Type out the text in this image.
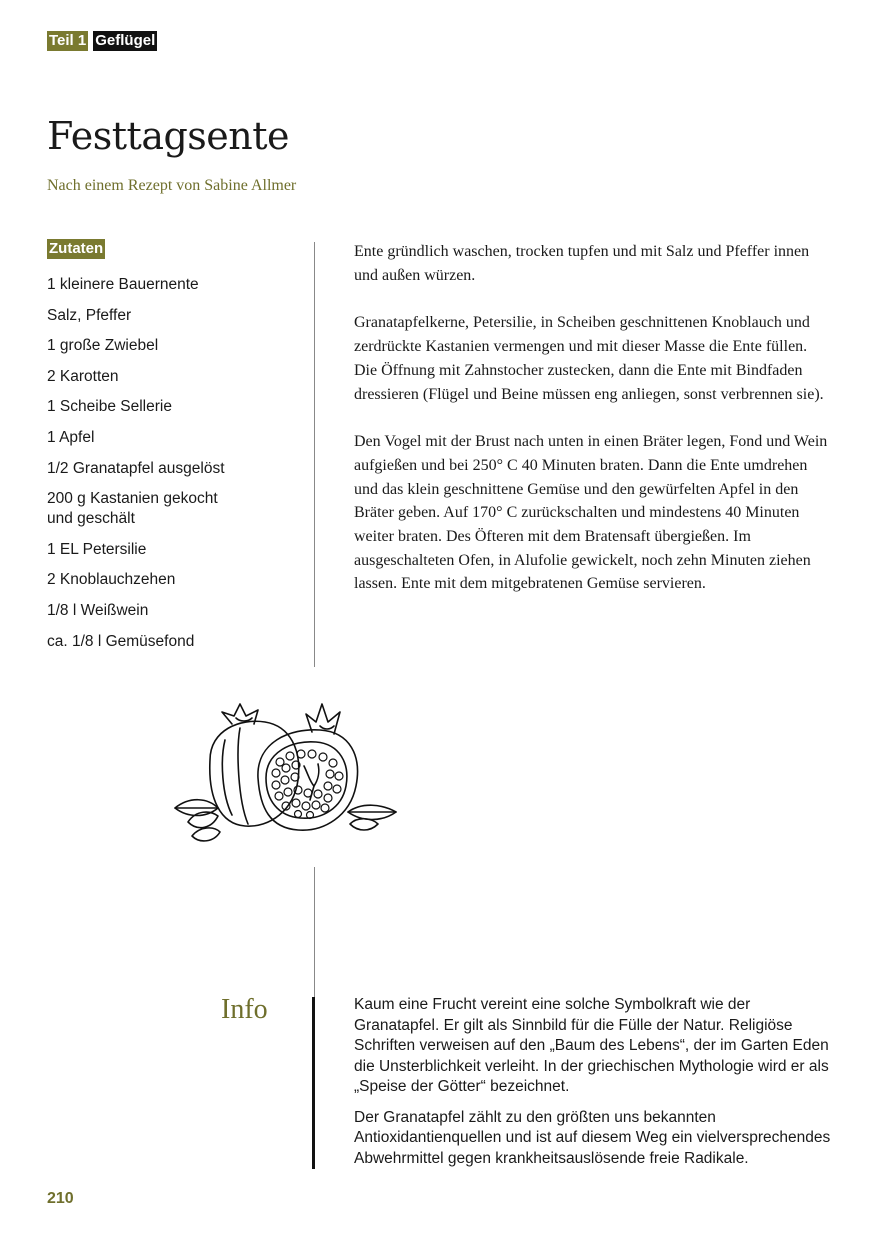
Teil 1 Geflügel
Festtagsente
Nach einem Rezept von Sabine Allmer
Zutaten
1 kleinere Bauernente
Salz, Pfeffer
1 große Zwiebel
2 Karotten
1 Scheibe Sellerie
1 Apfel
1/2 Granatapfel ausgelöst
200 g Kastanien gekocht und geschält
1 EL Petersilie
2 Knoblauchzehen
1/8 l Weißwein
ca. 1/8 l Gemüsefond

Ente gründlich waschen, trocken tupfen und mit Salz und Pfeffer innen und außen würzen.

Granatapfelkerne, Petersilie, in Scheiben geschnittenen Knoblauch und zerdrückte Kastanien vermengen und mit dieser Masse die Ente füllen. Die Öffnung mit Zahnstocher zustecken, dann die Ente mit Bindfaden dressieren (Flügel und Beine müssen eng anliegen, sonst verbrennen sie).

Den Vogel mit der Brust nach unten in einen Bräter legen, Fond und Wein aufgießen und bei 250° C 40 Minuten braten. Dann die Ente umdrehen und das klein geschnittene Gemüse und den gewürfelten Apfel in den Bräter geben. Auf 170° C zurückschalten und mindestens 40 Minuten weiter braten. Des Öfteren mit dem Bratensaft übergießen. Im ausgeschalteten Ofen, in Alufolie gewickelt, noch zehn Minuten ziehen lassen. Ente mit dem mitgebratenen Gemüse servieren.

Info	Kaum eine Frucht vereint eine solche Symbolkraft wie der Granatapfel. Er gilt als Sinnbild für die Fülle der Natur. Religiöse Schriften verweisen auf den „Baum des Lebens“, der im Garten Eden die Unsterblichkeit verleiht. In der griechischen Mythologie wird er als „Speise der Götter“ bezeichnet.

Der Granatapfel zählt zu den größten uns bekannten Antioxidantienquellen und ist auf diesem Weg ein vielversprechendes Abwehrmittel gegen krankheitsauslösende freie Radikale.

210
